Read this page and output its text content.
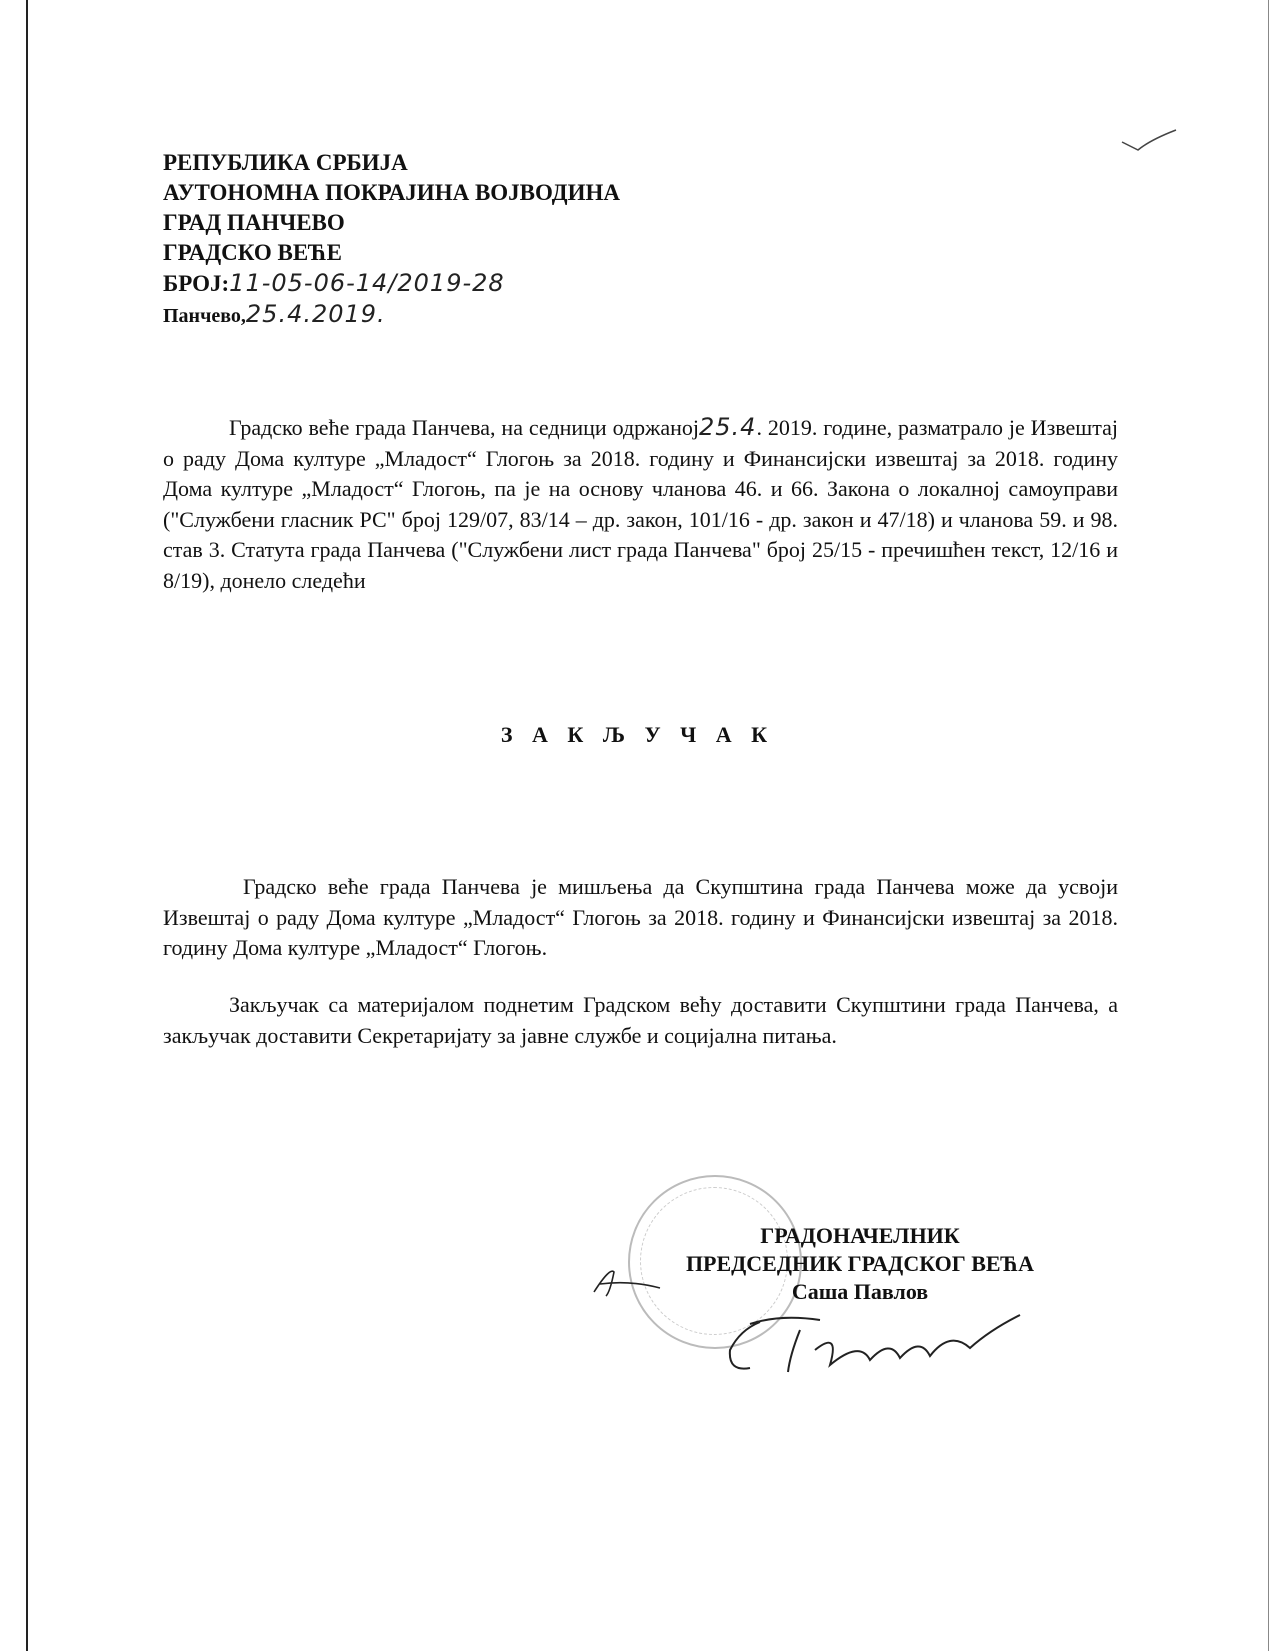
РЕПУБЛИКА СРБИЈА
АУТОНОМНА ПОКРАЈИНА ВОЈВОДИНА
ГРАД ПАНЧЕВО
ГРАДСКО ВЕЋЕ
БРОЈ:11-05-06-14/2019-28
Панчево,25.4.2019.
Градско веће града Панчева, на седници одржаној25.4. 2019. године, разматрало је Извештај о раду Дома културе „Младост“ Глогоњ за 2018. годину и Финансијски извештај за 2018. годину Дома културе „Младост“ Глогоњ, па је на основу чланова 46. и 66. Закона о локалној самоуправи ("Службени гласник РС" број 129/07, 83/14 – др. закон, 101/16 - др. закон и 47/18) и чланова 59. и 98. став 3. Статута града Панчева ("Службени лист града Панчева" број 25/15 - пречишћен текст, 12/16 и 8/19), донело следећи
З А К Љ У Ч А К
Градско веће града Панчева је мишљења да Скупштина града Панчева може да усвоји Извештај о раду Дома културе „Младост“ Глогоњ за 2018. годину и Финансијски извештај за 2018. годину Дома културе „Младост“ Глогоњ.
Закључак са материјалом поднетим Градском већу доставити Скупштини града Панчева, а закључак доставити Секретаријату за јавне службе и социјална питања.
ГРАДОНАЧЕЛНИК
ПРЕДСЕДНИК ГРАДСКОГ ВЕЋА
Саша Павлов
